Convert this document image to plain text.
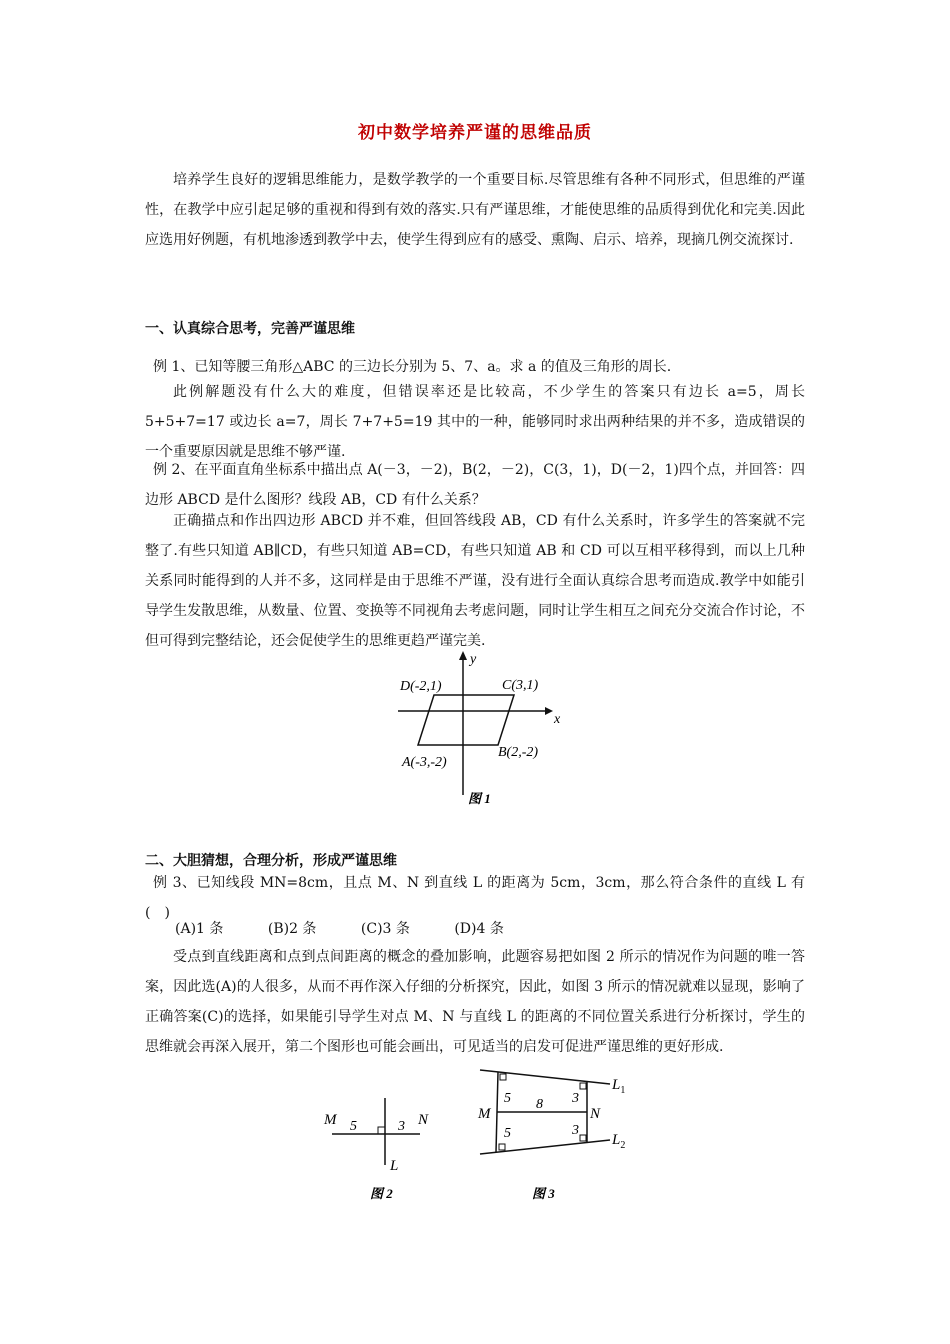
初中数学培养严谨的思维品质

培养学生良好的逻辑思维能力，是数学教学的一个重要目标.尽管思维有各种不同形式，但思维的严谨性，在教学中应引起足够的重视和得到有效的落实.只有严谨思维，才能使思维的品质得到优化和完美.因此应选用好例题，有机地渗透到教学中去，使学生得到应有的感受、熏陶、启示、培养，现摘几例交流探讨.

一、认真综合思考，完善严谨思维

例 1、已知等腰三角形△ABC 的三边长分别为 5、7、a。求 a 的值及三角形的周长.

此例解题没有什么大的难度，但错误率还是比较高，不少学生的答案只有边长 a=5，周长 5+5+7=17 或边长 a=7，周长 7+7+5=19 其中的一种，能够同时求出两种结果的并不多，造成错误的一个重要原因就是思维不够严谨.

例 2、在平面直角坐标系中描出点 A(－3，－2)，B(2，－2)，C(3，1)，D(－2，1)四个点，并回答：四边形 ABCD 是什么图形？线段 AB，CD 有什么关系？

正确描点和作出四边形 ABCD 并不难，但回答线段 AB，CD 有什么关系时，许多学生的答案就不完整了.有些只知道 AB∥CD，有些只知道 AB=CD，有些只知道 AB 和 CD 可以互相平移得到，而以上几种关系同时能得到的人并不多，这同样是由于思维不严谨，没有进行全面认真综合思考而造成.教学中如能引导学生发散思维，从数量、位置、变换等不同视角去考虑问题，同时让学生相互之间充分交流合作讨论，不但可得到完整结论，还会促使学生的思维更趋严谨完美.

y
x
D(-2,1)	C(3,1)
A(-3,-2)
B(2,-2)
图 1
二、大胆猜想，合理分析，形成严谨思维

例 3、已知线段 MN=8cm，且点 M、N 到直线 L 的距离为 5cm，3cm，那么符合条件的直线 L 有(　)

(A)1 条	(B)2 条	(C)3 条	(D)4 条

受点到直线距离和点到点间距离的概念的叠加影响，此题容易把如图 2 所示的情况作为问题的唯一答案，因此选(A)的人很多，从而不再作深入仔细的分析探究，因此，如图 3 所示的情况就难以显现，影响了正确答案(C)的选择，如果能引导学生对点 M、N 与直线 L 的距离的不同位置关系进行分析探讨，学生的思维就会再深入展开，第二个图形也可能会画出，可见适当的启发可促进严谨思维的更好形成.

M	N
5	3
L
图 2
M	N
5 8 3
5	3
$L_1$
$L_2$
图 3
